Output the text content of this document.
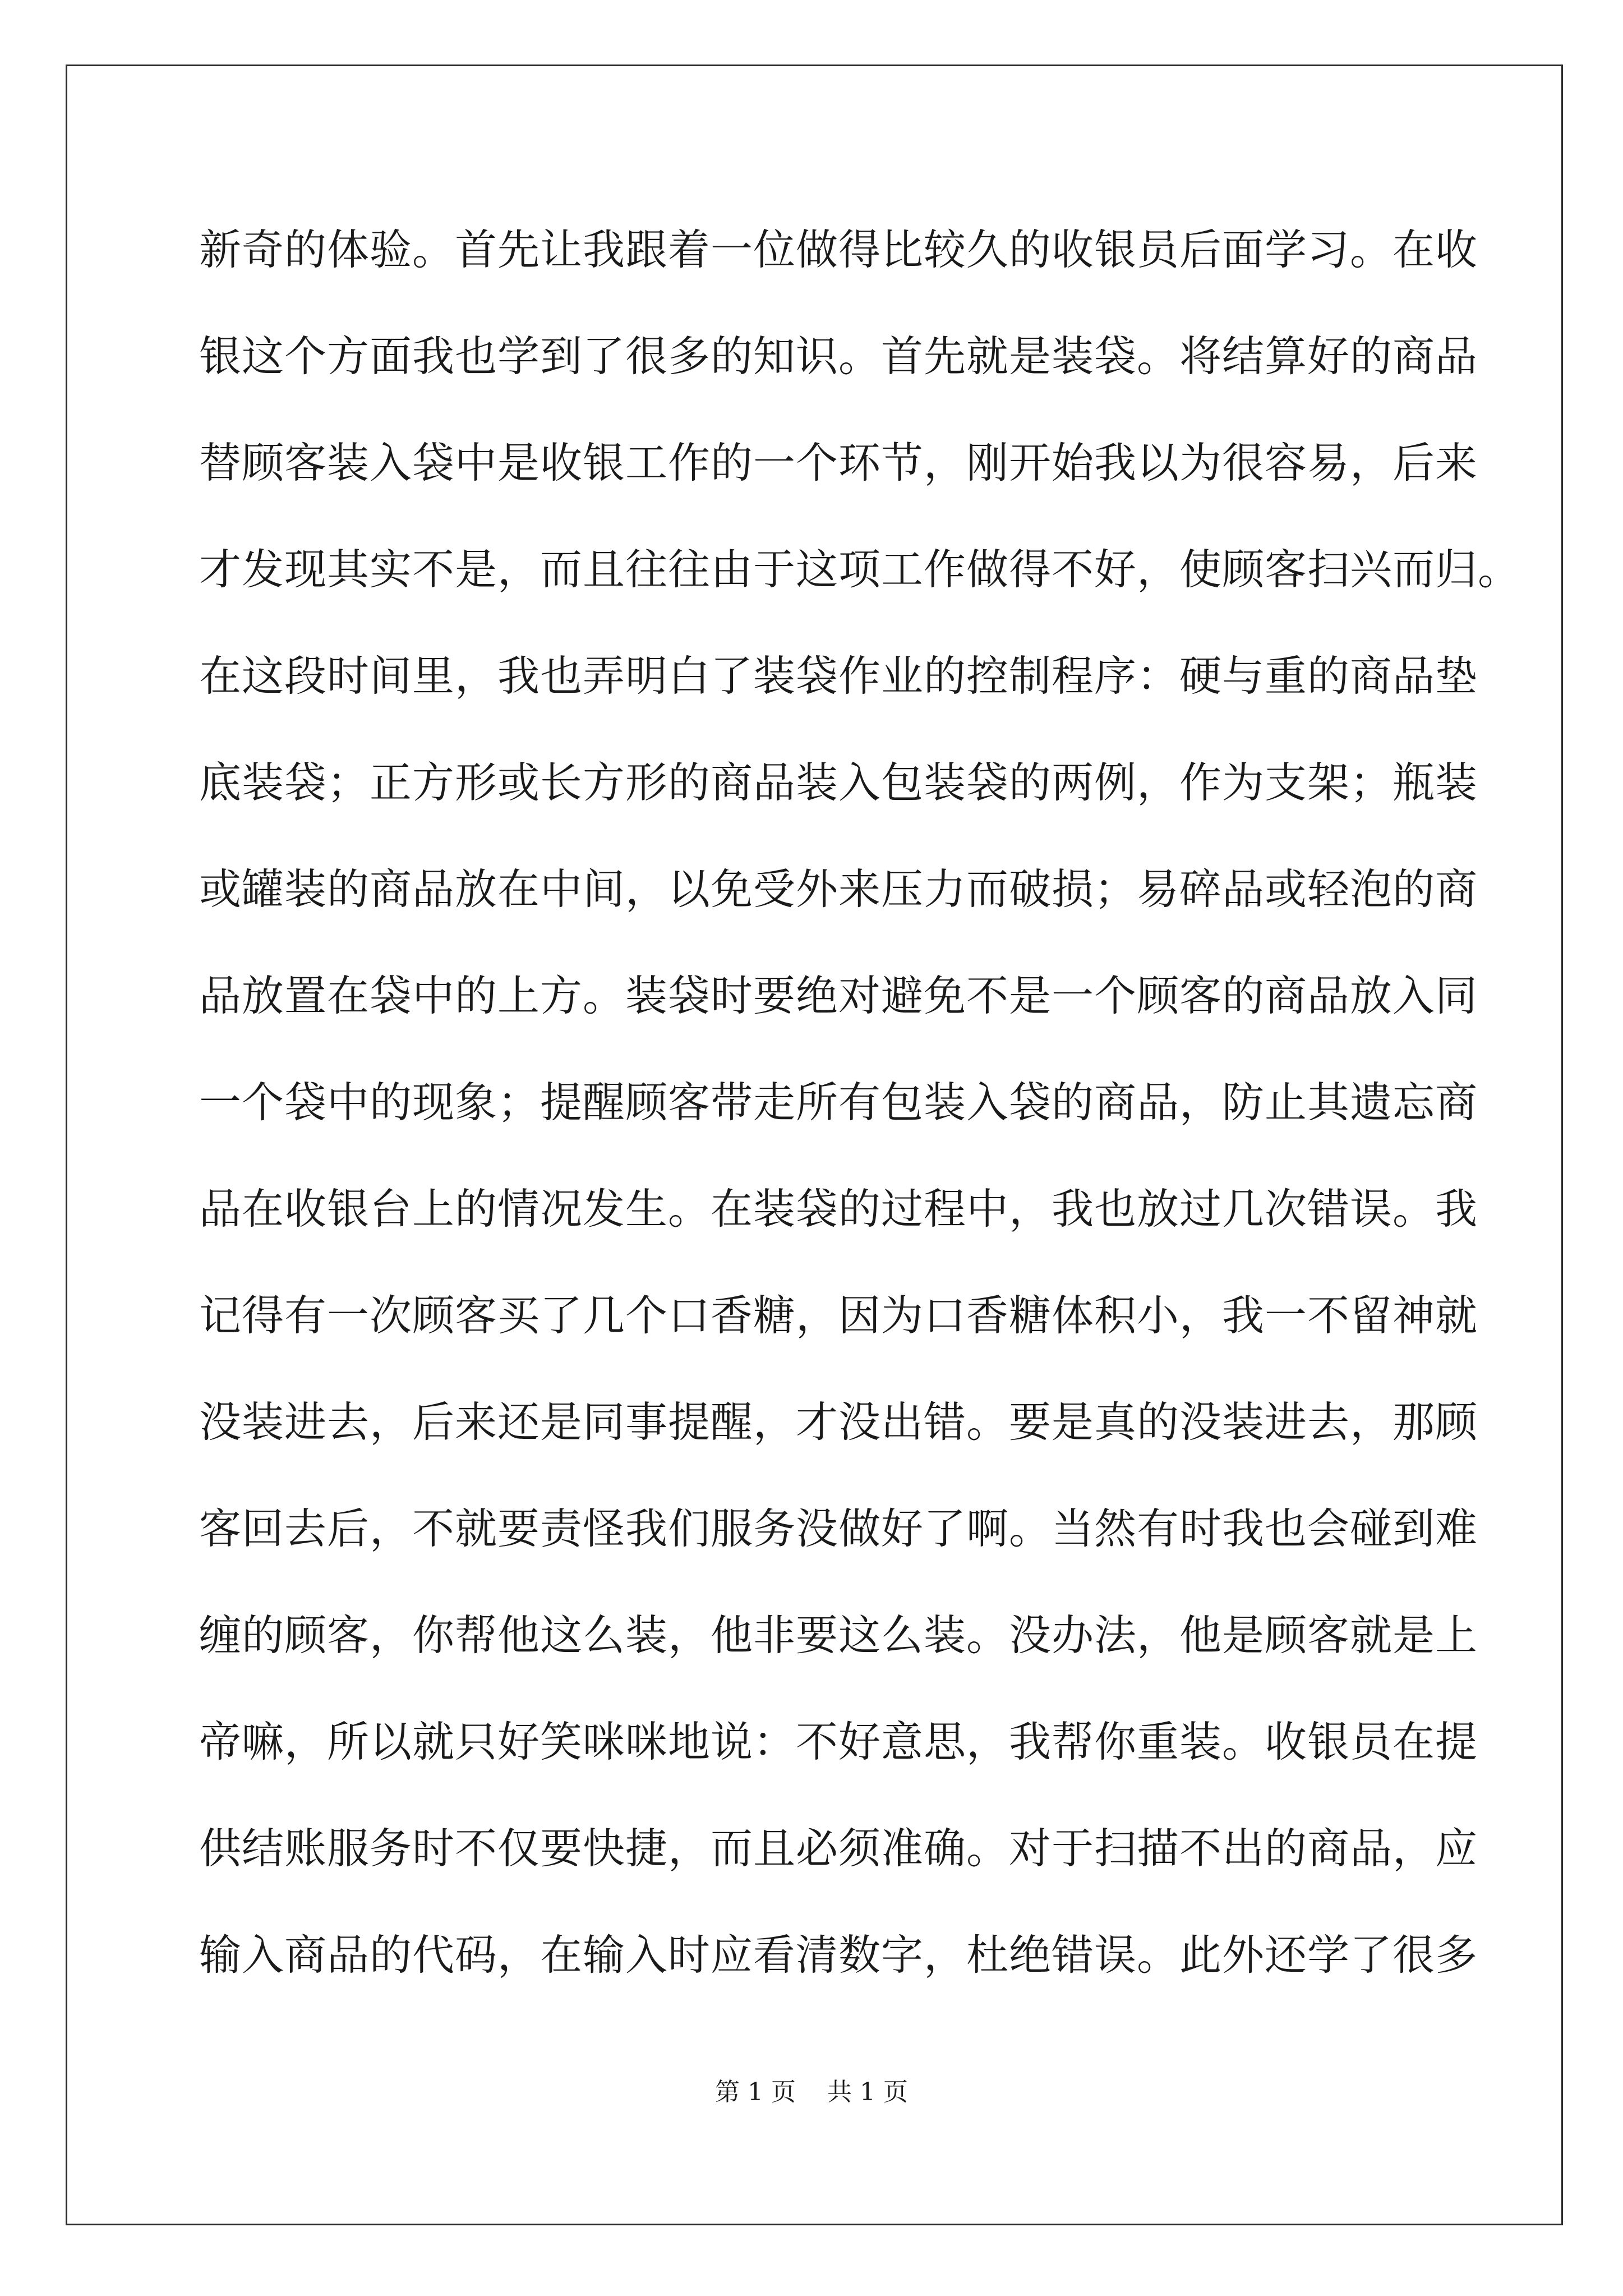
新奇的体验。首先让我跟着一位做得比较久的收银员后面学习。在收
银这个方面我也学到了很多的知识。首先就是装袋。将结算好的商品
替顾客装入袋中是收银工作的一个环节，刚开始我以为很容易，后来
才发现其实不是，而且往往由于这项工作做得不好，使顾客扫兴而归。
在这段时间里，我也弄明白了装袋作业的控制程序：硬与重的商品垫
底装袋；正方形或长方形的商品装入包装袋的两例，作为支架；瓶装
或罐装的商品放在中间，以免受外来压力而破损；易碎品或轻泡的商
品放置在袋中的上方。装袋时要绝对避免不是一个顾客的商品放入同
一个袋中的现象；提醒顾客带走所有包装入袋的商品，防止其遗忘商
品在收银台上的情况发生。在装袋的过程中，我也放过几次错误。我
记得有一次顾客买了几个口香糖，因为口香糖体积小，我一不留神就
没装进去，后来还是同事提醒，才没出错。要是真的没装进去，那顾
客回去后，不就要责怪我们服务没做好了啊。当然有时我也会碰到难
缠的顾客，你帮他这么装，他非要这么装。没办法，他是顾客就是上
帝嘛，所以就只好笑咪咪地说：不好意思，我帮你重装。收银员在提
供结账服务时不仅要快捷，而且必须准确。对于扫描不出的商品，应
输入商品的代码，在输入时应看清数字，杜绝错误。此外还学了很多
第 1 页 共 1 页
